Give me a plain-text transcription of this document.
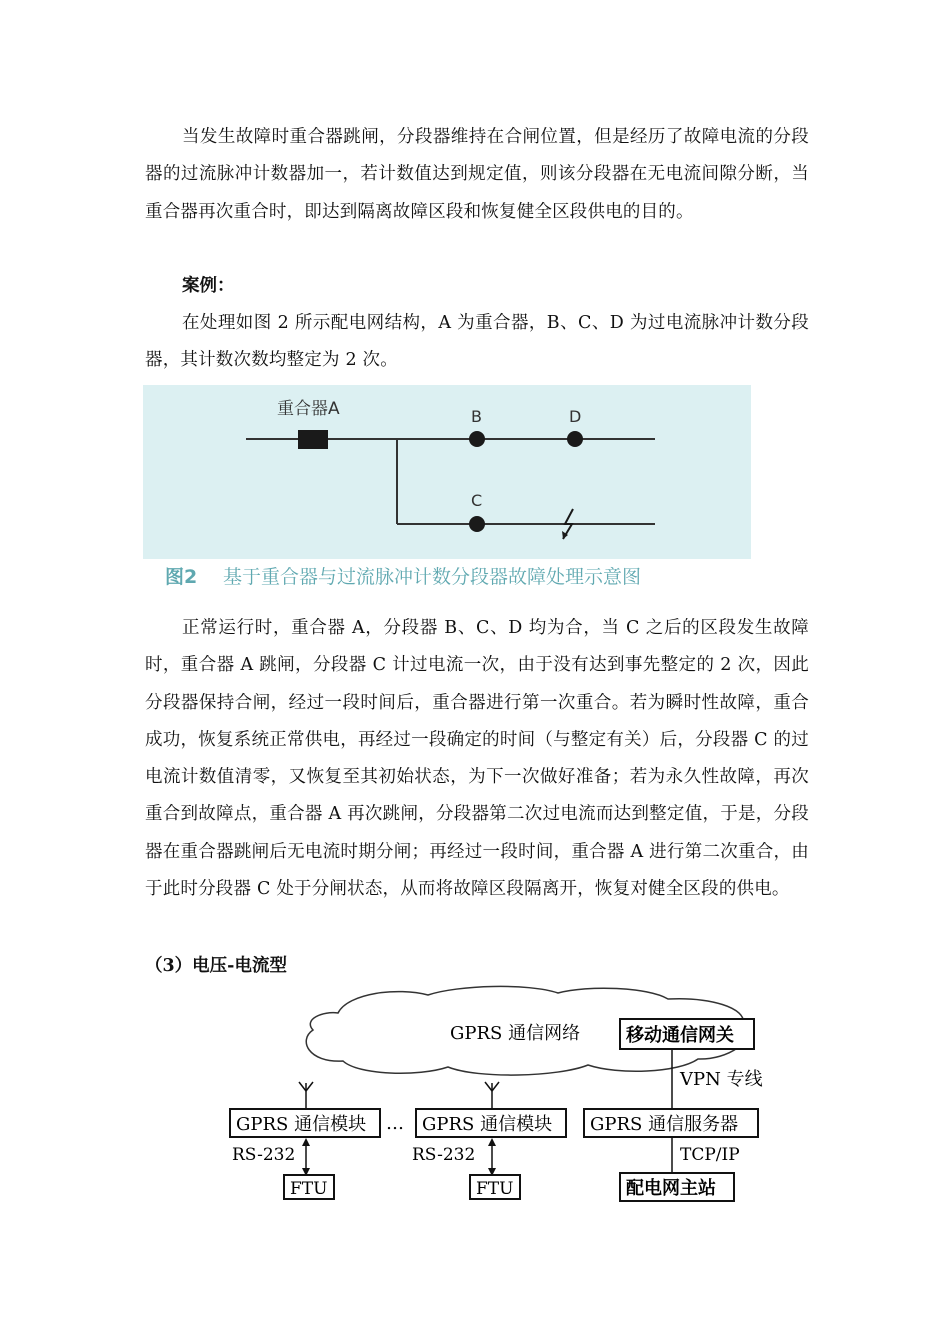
当发生故障时重合器跳闸，分段器维持在合闸位置，但是经历了故障电流的分段器的过流脉冲计数器加一，若计数值达到规定值，则该分段器在无电流间隙分断，当重合器再次重合时，即达到隔离故障区段和恢复健全区段供电的目的。

案例：

在处理如图 2 所示配电网结构，A 为重合器，B、C、D 为过电流脉冲计数分段器，其计数次数均整定为 2 次。

重合器A	B	D
C
图2 基于重合器与过流脉冲计数分段器故障处理示意图

正常运行时，重合器 A，分段器 B、C、D 均为合，当 C 之后的区段发生故障时，重合器 A 跳闸，分段器 C 计过电流一次，由于没有达到事先整定的 2 次，因此分段器保持合闸，经过一段时间后，重合器进行第一次重合。若为瞬时性故障，重合成功，恢复系统正常供电，再经过一段确定的时间（与整定有关）后，分段器 C 的过电流计数值清零，又恢复至其初始状态，为下一次做好准备；若为永久性故障，再次重合到故障点，重合器 A 再次跳闸，分段器第二次过电流而达到整定值，于是，分段器在重合器跳闸后无电流时期分闸；再经过一段时间，重合器 A 进行第二次重合，由于此时分段器 C 处于分闸状态，从而将故障区段隔离开，恢复对健全区段的供电。

（3）电压-电流型

GPRS 通信网络	移动通信网关
VPN 专线
GPRS 通信模块 … GPRS 通信模块 GPRS 通信服务器
RS-232	RS-232	TCP/IP
FTU	FTU	配电网主站
